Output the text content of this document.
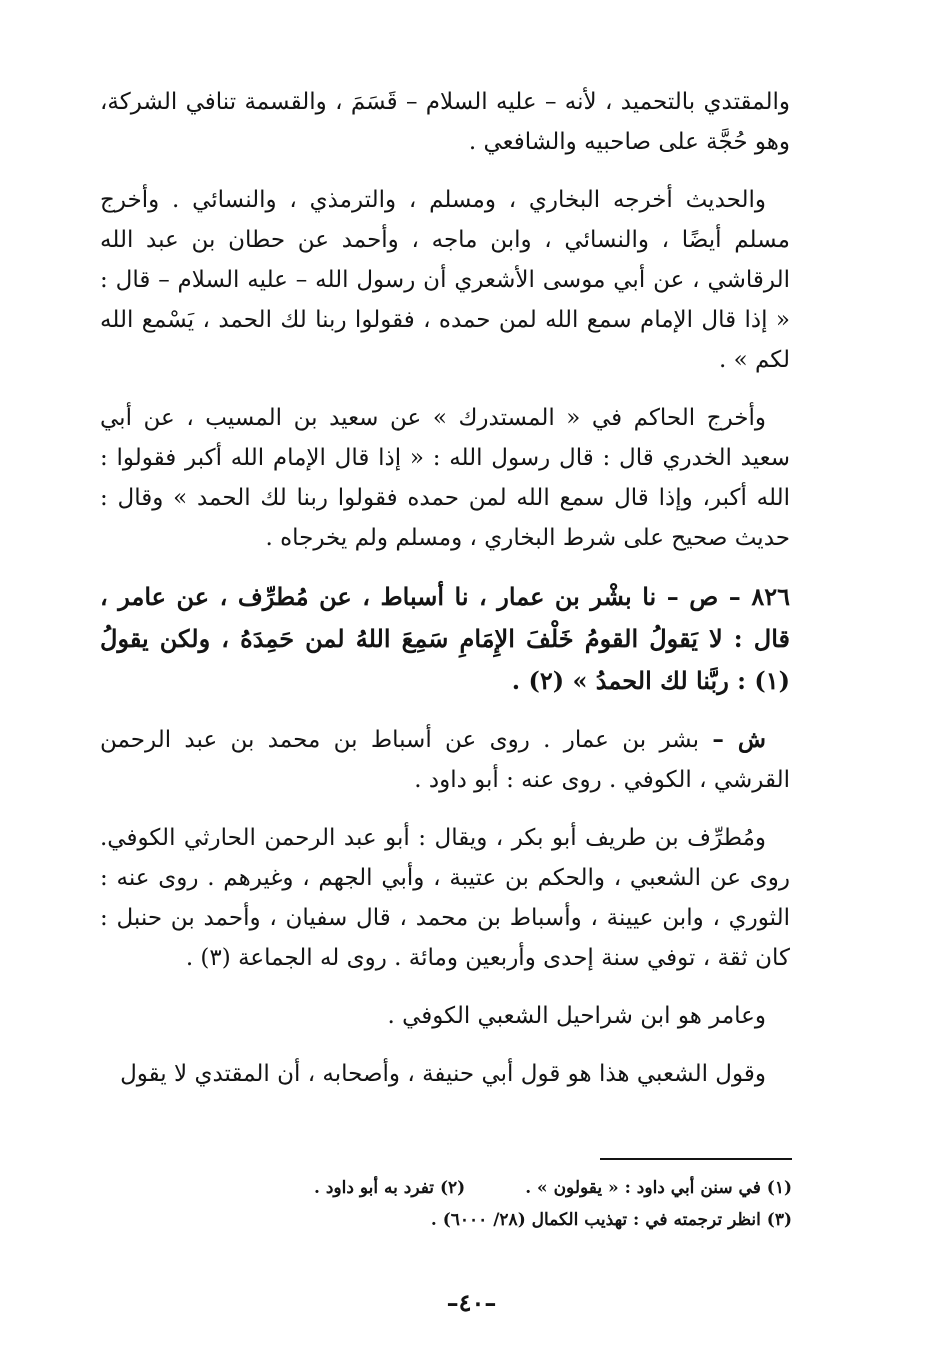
والمقتدي بالتحميد ، لأنه – عليه السلام – قَسَمَ ، والقسمة تنافي الشركة، وهو حُجَّة على صاحبيه والشافعي .

والحديث أخرجه البخاري ، ومسلم ، والترمذي ، والنسائي . وأخرج مسلم أيضًا ، والنسائي ، وابن ماجه ، وأحمد عن حطان بن عبد الله الرقاشي ، عن أبي موسى الأشعري أن رسول الله – عليه السلام – قال : « إذا قال الإمام سمع الله لمن حمده ، فقولوا ربنا لك الحمد ، يَسْمع الله لكم » .

وأخرج الحاكم في « المستدرك » عن سعيد بن المسيب ، عن أبي سعيد الخدري قال : قال رسول الله : « إذا قال الإمام الله أكبر فقولوا : الله أكبر، وإذا قال سمع الله لمن حمده فقولوا ربنا لك الحمد » وقال : حديث صحيح على شرط البخاري ، ومسلم ولم يخرجاه .

٨٢٦ – ص – نا بشْر بن عمار ، نا أسباط ، عن مُطرِّف ، عن عامر ، قال : لا يَقولُ القومُ خَلْفَ الإِمَامِ سَمِعَ اللهُ لمن حَمِدَهُ ، ولكن يقولُ (١) : ربَّنا لك الحمدُ » (٢) .

ش – بشر بن عمار . روى عن أسباط بن محمد بن عبد الرحمن القرشي ، الكوفي . روى عنه : أبو داود .

ومُطرِّف بن طريف أبو بكر ، ويقال : أبو عبد الرحمن الحارثي الكوفي. روى عن الشعبي ، والحكم بن عتيبة ، وأبي الجهم ، وغيرهم . روى عنه : الثوري ، وابن عيينة ، وأسباط بن محمد ، قال سفيان ، وأحمد بن حنبل : كان ثقة ، توفي سنة إحدى وأربعين ومائة . روى له الجماعة (٣) .

وعامر هو ابن شراحيل الشعبي الكوفي .

وقول الشعبي هذا هو قول أبي حنيفة ، وأصحابه ، أن المقتدي لا يقول

(١) في سنن أبي داود : « يقولون » .
(٢) تفرد به أبو داود .
(٣) انظر ترجمته في : تهذيب الكمال (٢٨/ ٦٠٠٠) .
–٤٠–
